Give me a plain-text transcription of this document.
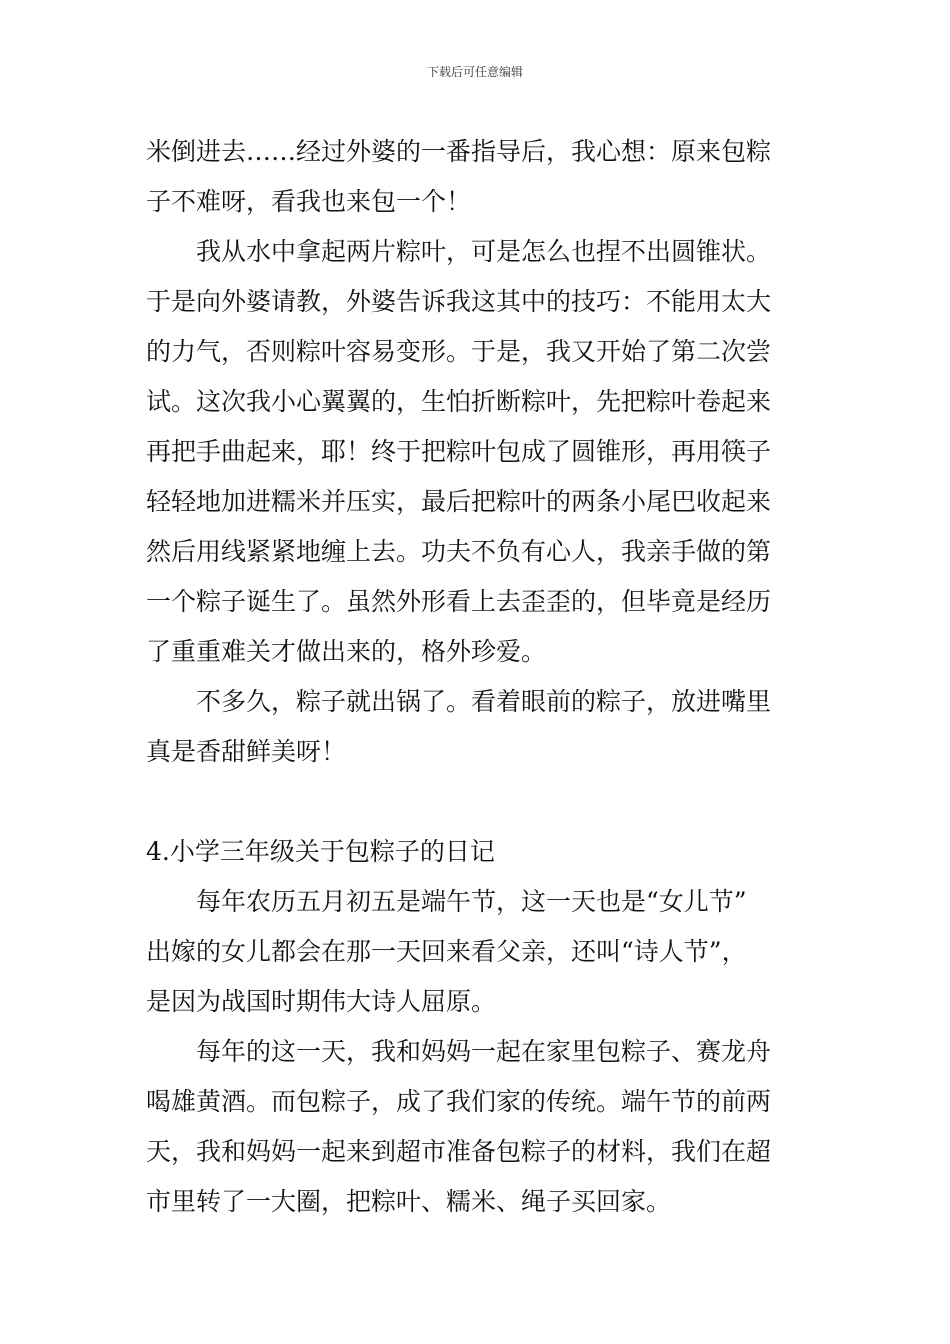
下载后可任意编辑
米倒进去……经过外婆的一番指导后，我心想：原来包粽
子不难呀，看我也来包一个！
我从水中拿起两片粽叶，可是怎么也捏不出圆锥状。
于是向外婆请教，外婆告诉我这其中的技巧：不能用太大
的力气，否则粽叶容易变形。于是，我又开始了第二次尝
试。这次我小心翼翼的，生怕折断粽叶，先把粽叶卷起来
再把手曲起来，耶！终于把粽叶包成了圆锥形，再用筷子
轻轻地加进糯米并压实，最后把粽叶的两条小尾巴收起来
然后用线紧紧地缠上去。功夫不负有心人，我亲手做的第
一个粽子诞生了。虽然外形看上去歪歪的，但毕竟是经历
了重重难关才做出来的，格外珍爱。
不多久，粽子就出锅了。看着眼前的粽子，放进嘴里
真是香甜鲜美呀！
4.小学三年级关于包粽子的日记
每年农历五月初五是端午节，这一天也是“女儿节”
出嫁的女儿都会在那一天回来看父亲，还叫“诗人节”，
是因为战国时期伟大诗人屈原。
每年的这一天，我和妈妈一起在家里包粽子、赛龙舟
喝雄黄酒。而包粽子，成了我们家的传统。端午节的前两
天，我和妈妈一起来到超市准备包粽子的材料，我们在超
市里转了一大圈，把粽叶、糯米、绳子买回家。
